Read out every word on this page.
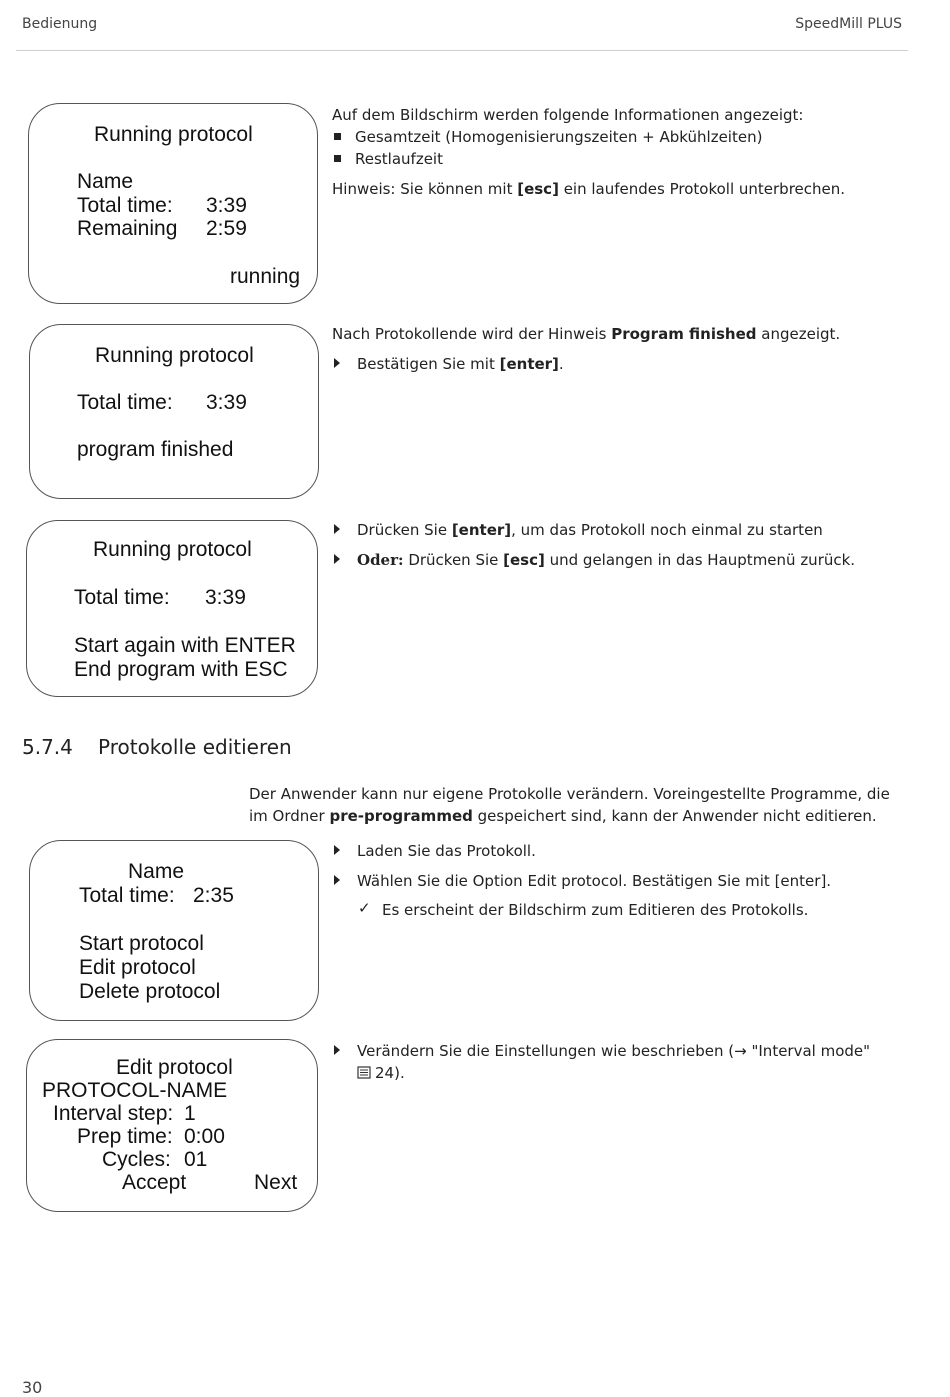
Bedienung	SpeedMill PLUS
Running protocol
Name
Total time: 3:39
Remaining 2:59
running
Auf dem Bildschirm werden folgende Informationen angezeigt:
Gesamtzeit (Homogenisierungszeiten + Abkühlzeiten)
Restlaufzeit
Hinweis: Sie können mit [esc] ein laufendes Protokoll unterbrechen.
Running protocol
Total time: 3:39
program finished
Nach Protokollende wird der Hinweis Program finished angezeigt.
Bestätigen Sie mit [enter].
Running protocol
Total time: 3:39
Start again with ENTER
End program with ESC
Drücken Sie [enter], um das Protokoll noch einmal zu starten
Oder: Drücken Sie [esc] und gelangen in das Hauptmenü zurück.
5.7.4 Protokolle editieren
Der Anwender kann nur eigene Protokolle verändern. Voreingestellte Programme, die
im Ordner pre-programmed gespeichert sind, kann der Anwender nicht editieren.
Name
Total time: 2:35
Start protocol
Edit protocol
Delete protocol
Laden Sie das Protokoll.
Wählen Sie die Option Edit protocol. Bestätigen Sie mit [enter].
✓ Es erscheint der Bildschirm zum Editieren des Protokolls.
Edit protocol
PROTOCOL-NAME
Interval step: 1
Prep time: 0:00
Cycles: 01
Accept	Next
Verändern Sie die Einstellungen wie beschrieben (→ "Interval mode"
24).
30
